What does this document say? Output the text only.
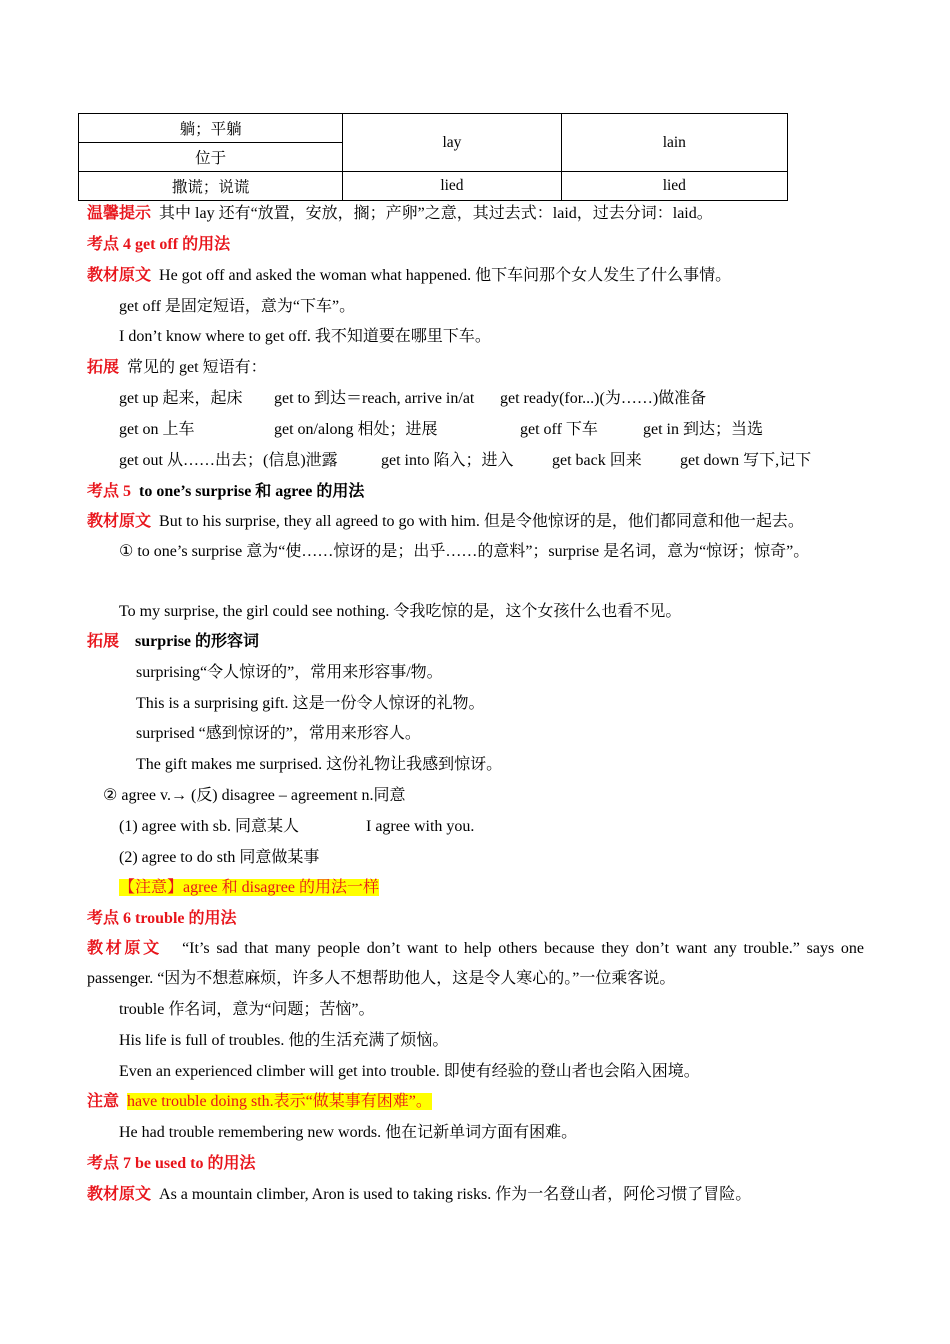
躺；平躺	lay	lain
位于		
撒谎；说谎	lied	lied
温馨提示 其中 lay 还有“放置，安放，搁；产卵”之意，其过去式：laid，过去分词：laid。
考点 4 get off 的用法
教材原文 He got off and asked the woman what happened. 他下车问那个女人发生了什么事情。
get off 是固定短语，意为“下车”。
I don’t know where to get off. 我不知道要在哪里下车。
拓展 常见的 get 短语有：
get up 起来，起床	get to 到达＝reach, arrive in/at	get ready(for...)(为……)做准备
get on 上车	get on/along 相处；进展	get off 下车	get in 到达；当选
get out 从……出去；(信息)泄露	get into 陷入；进入	get back 回来	get down 写下,记下
考点 5 to one’s surprise 和 agree 的用法
教材原文 But to his surprise, they all agreed to go with him. 但是令他惊讶的是，他们都同意和他一起去。
① to one’s surprise 意为“使……惊讶的是；出乎……的意料”；surprise 是名词，意为“惊讶；惊奇”。
To my surprise, the girl could see nothing. 令我吃惊的是，这个女孩什么也看不见。
拓展 surprise 的形容词
surprising“令人惊讶的”，常用来形容事/物。
This is a surprising gift. 这是一份令人惊讶的礼物。
surprised “感到惊讶的”，常用来形容人。
The gift makes me surprised. 这份礼物让我感到惊讶。
② agree v.→ (反) disagree – agreement n.同意
(1) agree with sb. 同意某人	I agree with you.
(2) agree to do sth 同意做某事
【注意】agree 和 disagree 的用法一样
考点 6 trouble 的用法
教材原文 “It’s sad that many people don’t want to help others because they don’t want any trouble.” says one passenger. “因为不想惹麻烦，许多人不想帮助他人，这是令人寒心的。”一位乘客说。
trouble 作名词，意为“问题；苦恼”。
His life is full of troubles. 他的生活充满了烦恼。
Even an experienced climber will get into trouble. 即使有经验的登山者也会陷入困境。
注意 have trouble doing sth.表示“做某事有困难”。
He had trouble remembering new words. 他在记新单词方面有困难。
考点 7 be used to 的用法
教材原文 As a mountain climber, Aron is used to taking risks. 作为一名登山者，阿伦习惯了冒险。
